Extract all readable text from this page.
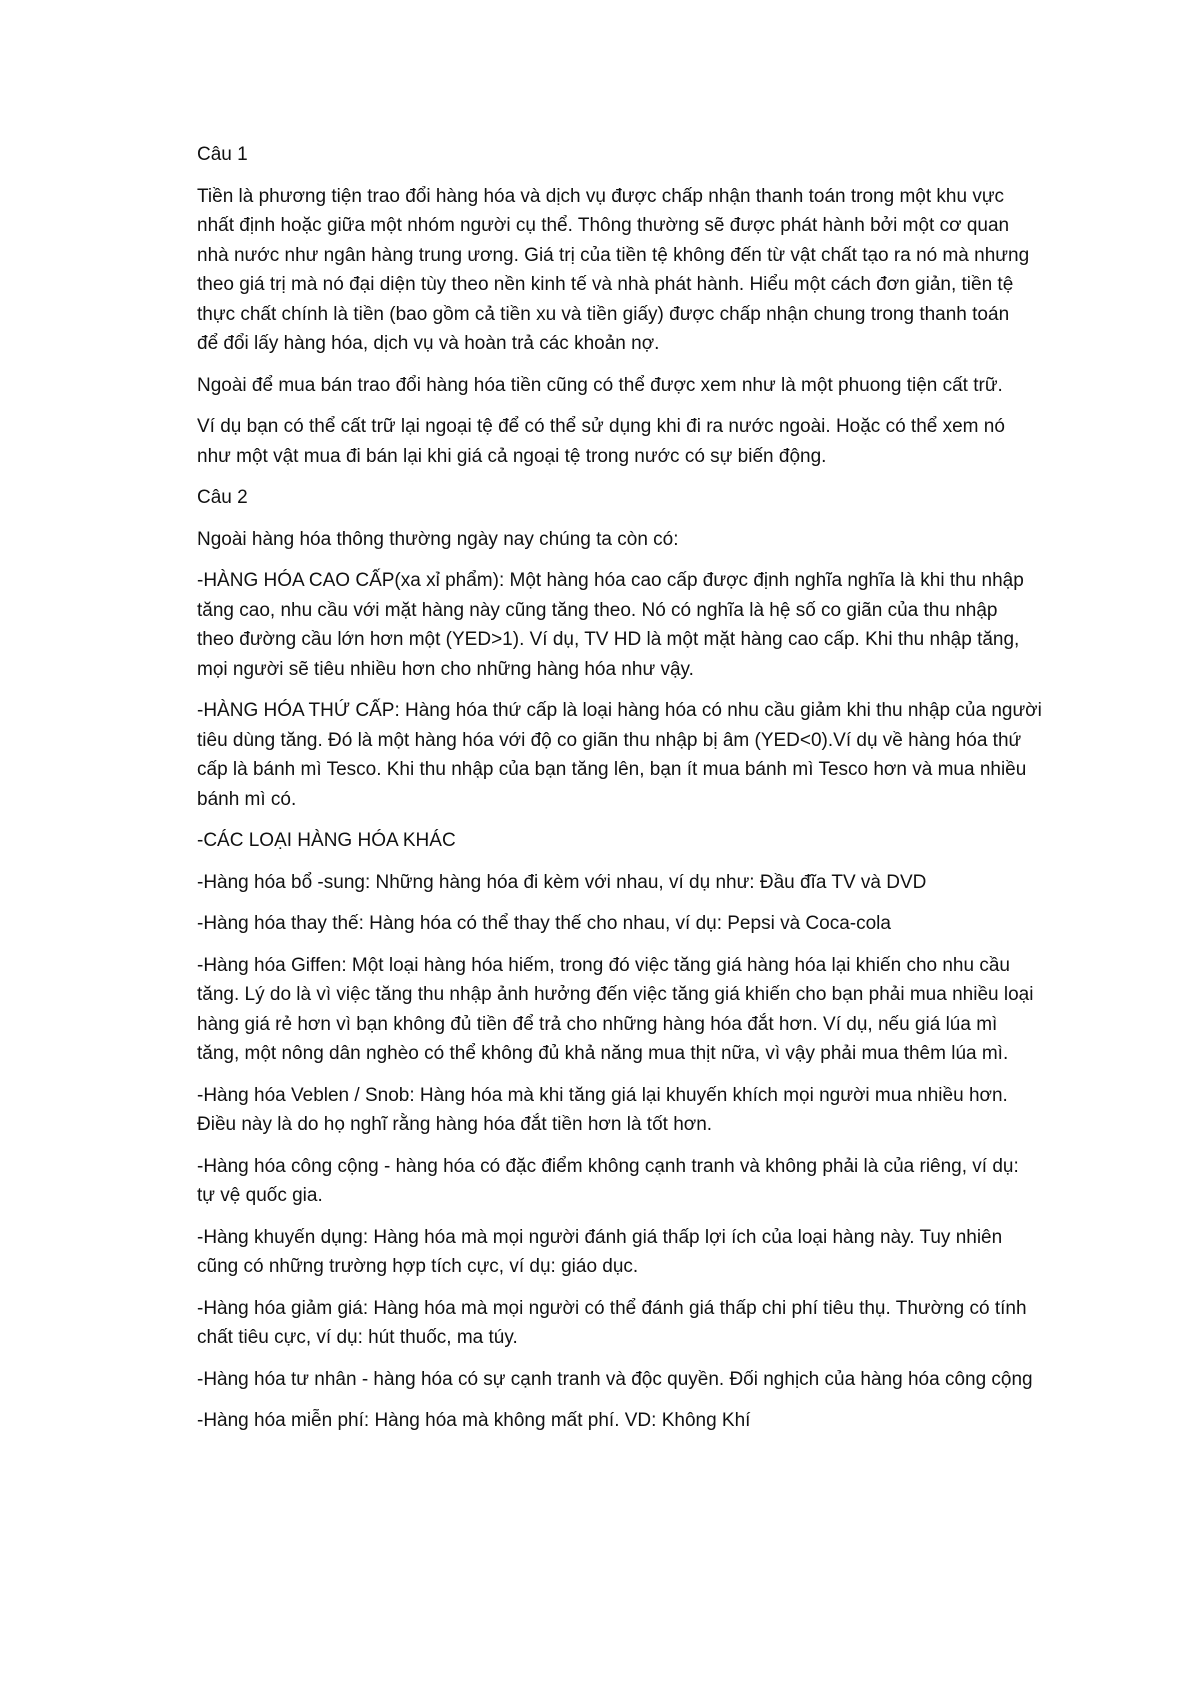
Câu 1

Tiền là phương tiện trao đổi hàng hóa và dịch vụ được chấp nhận thanh toán trong một khu vực
nhất định hoặc giữa một nhóm người cụ thể. Thông thường sẽ được phát hành bởi một cơ quan
nhà nước như ngân hàng trung ương. Giá trị của tiền tệ không đến từ vật chất tạo ra nó mà nhưng
theo giá trị mà nó đại diện tùy theo nền kinh tế và nhà phát hành. Hiểu một cách đơn giản, tiền tệ
thực chất chính là tiền (bao gồm cả tiền xu và tiền giấy) được chấp nhận chung trong thanh toán
để đổi lấy hàng hóa, dịch vụ và hoàn trả các khoản nợ.

Ngoài để mua bán trao đổi hàng hóa tiền cũng có thể được xem như là một phuong tiện cất trữ.

Ví dụ bạn có thể cất trữ lại ngoại tệ để có thể sử dụng khi đi ra nước ngoài. Hoặc có thể xem nó
như một vật mua đi bán lại khi giá cả ngoại tệ trong nước có sự biến động.

Câu 2

Ngoài hàng hóa thông thường ngày nay chúng ta còn có:

-HÀNG HÓA CAO CẤP(xa xỉ phẩm): Một hàng hóa cao cấp được định nghĩa nghĩa là khi thu nhập
tăng cao, nhu cầu với mặt hàng này cũng tăng theo. Nó có nghĩa là hệ số co giãn của thu nhập
theo đường cầu lớn hơn một (YED>1). Ví dụ, TV HD là một mặt hàng cao cấp. Khi thu nhập tăng,
mọi người sẽ tiêu nhiều hơn cho những hàng hóa như vậy.

-HÀNG HÓA THỨ CẤP: Hàng hóa thứ cấp là loại hàng hóa có nhu cầu giảm khi thu nhập của người
tiêu dùng tăng. Đó là một hàng hóa với độ co giãn thu nhập bị âm (YED<0).Ví dụ về hàng hóa thứ
cấp là bánh mì Tesco. Khi thu nhập của bạn tăng lên, bạn ít mua bánh mì Tesco hơn và mua nhiều
bánh mì có.

-CÁC LOẠI HÀNG HÓA KHÁC

-Hàng hóa bổ -sung: Những hàng hóa đi kèm với nhau, ví dụ như: Đầu đĩa TV và DVD

-Hàng hóa thay thế: Hàng hóa có thể thay thế cho nhau, ví dụ: Pepsi và Coca-cola

-Hàng hóa Giffen: Một loại hàng hóa hiếm, trong đó việc tăng giá hàng hóa lại khiến cho nhu cầu
tăng. Lý do là vì việc tăng thu nhập ảnh hưởng đến việc tăng giá khiến cho bạn phải mua nhiều loại
hàng giá rẻ hơn vì bạn không đủ tiền để trả cho những hàng hóa đắt hơn. Ví dụ, nếu giá lúa mì
tăng, một nông dân nghèo có thể không đủ khả năng mua thịt nữa, vì vậy phải mua thêm lúa mì.

-Hàng hóa Veblen / Snob: Hàng hóa mà khi tăng giá lại khuyến khích mọi người mua nhiều hơn.
Điều này là do họ nghĩ rằng hàng hóa đắt tiền hơn là tốt hơn.

-Hàng hóa công cộng - hàng hóa có đặc điểm không cạnh tranh và không phải là của riêng, ví dụ:
tự vệ quốc gia.

-Hàng khuyến dụng: Hàng hóa mà mọi người đánh giá thấp lợi ích của loại hàng này. Tuy nhiên
cũng có những trường hợp tích cực, ví dụ: giáo dục.

-Hàng hóa giảm giá: Hàng hóa mà mọi người có thể đánh giá thấp chi phí tiêu thụ. Thường có tính
chất tiêu cực, ví dụ: hút thuốc, ma túy.

-Hàng hóa tư nhân - hàng hóa có sự cạnh tranh và độc quyền. Đối nghịch của hàng hóa công cộng

-Hàng hóa miễn phí: Hàng hóa mà không mất phí. VD: Không Khí
